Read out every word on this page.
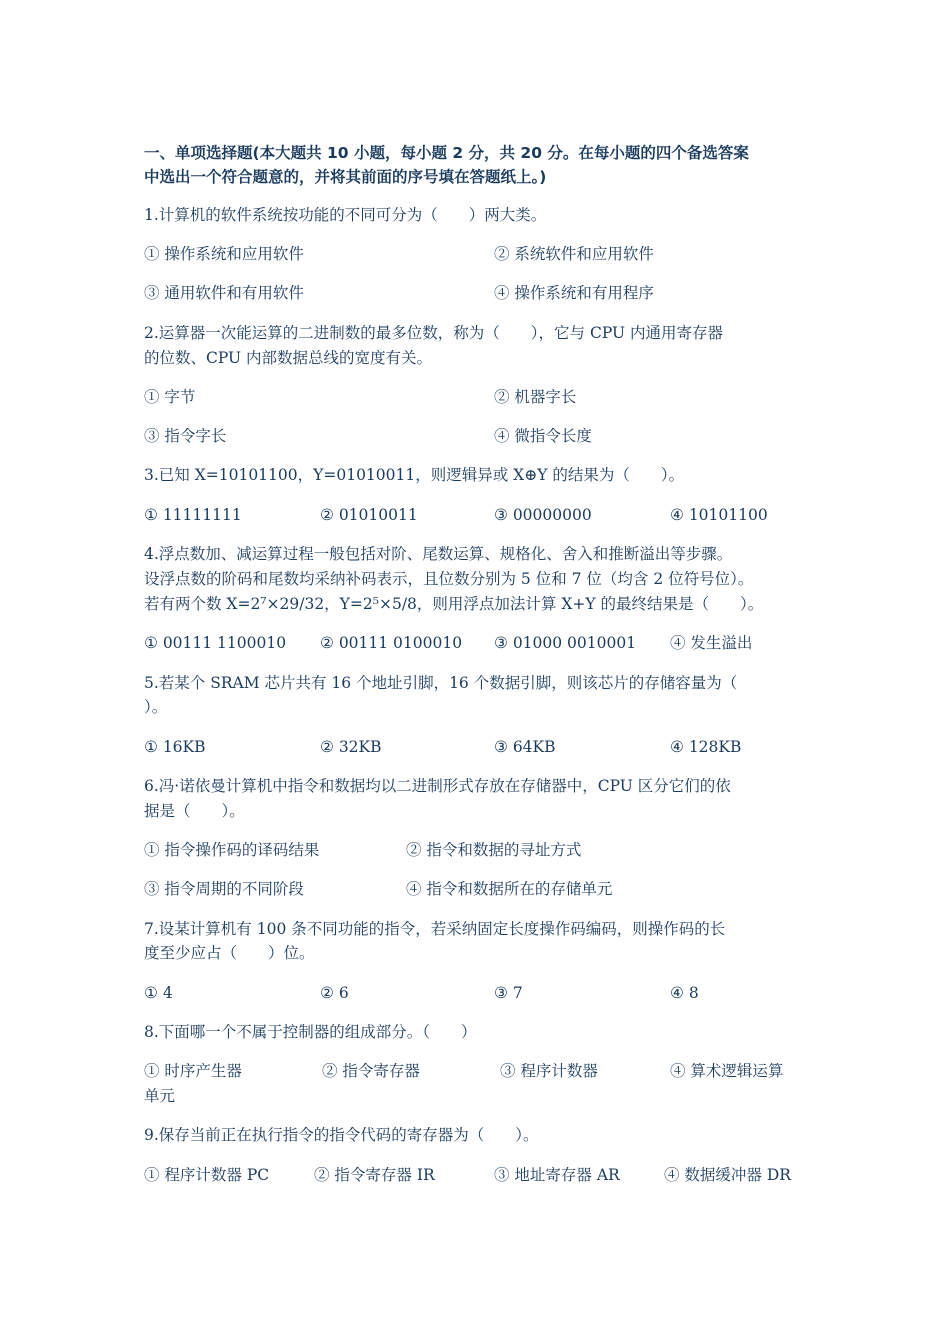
一、单项选择题(本大题共 10 小题，每小题 2 分，共 20 分。在每小题的四个备选答案
中选出一个符合题意的，并将其前面的序号填在答题纸上。)
1.计算机的软件系统按功能的不同可分为（　　）两大类。
① 操作系统和应用软件	② 系统软件和应用软件
③ 通用软件和有用软件	④ 操作系统和有用程序
2.运算器一次能运算的二进制数的最多位数，称为（　　），它与 CPU 内通用寄存器
的位数、CPU 内部数据总线的宽度有关。
① 字节	② 机器字长
③ 指令字长	④ 微指令长度
3.已知 X=10101100，Y=01010011，则逻辑异或 X⊕Y 的结果为（　　）。
① 11111111	② 01010011	③ 00000000	④ 10101100
4.浮点数加、减运算过程一般包括对阶、尾数运算、规格化、舍入和推断溢出等步骤。
设浮点数的阶码和尾数均采纳补码表示，且位数分别为 5 位和 7 位（均含 2 位符号位）。
若有两个数 X=2⁷×29/32，Y=2⁵×5/8，则用浮点加法计算 X+Y 的最终结果是（　　）。
① 00111 1100010 ② 00111 0100010 ③ 01000 0010001 ④ 发生溢出
5.若某个 SRAM 芯片共有 16 个地址引脚，16 个数据引脚，则该芯片的存储容量为（
）。
① 16KB	② 32KB	③ 64KB	④ 128KB
6.冯·诺依曼计算机中指令和数据均以二进制形式存放在存储器中，CPU 区分它们的依
据是（　　）。
① 指令操作码的译码结果	② 指令和数据的寻址方式
③ 指令周期的不同阶段	④ 指令和数据所在的存储单元
7.设某计算机有 100 条不同功能的指令，若采纳固定长度操作码编码，则操作码的长
度至少应占（　　）位。
① 4	② 6	③ 7	④ 8
8.下面哪一个不属于控制器的组成部分。（　　）
① 时序产生器	② 指令寄存器	③ 程序计数器	④ 算术逻辑运算
单元
9.保存当前正在执行指令的指令代码的寄存器为（　　）。
① 程序计数器 PC	② 指令寄存器 IR	③ 地址寄存器 AR	④ 数据缓冲器 DR
